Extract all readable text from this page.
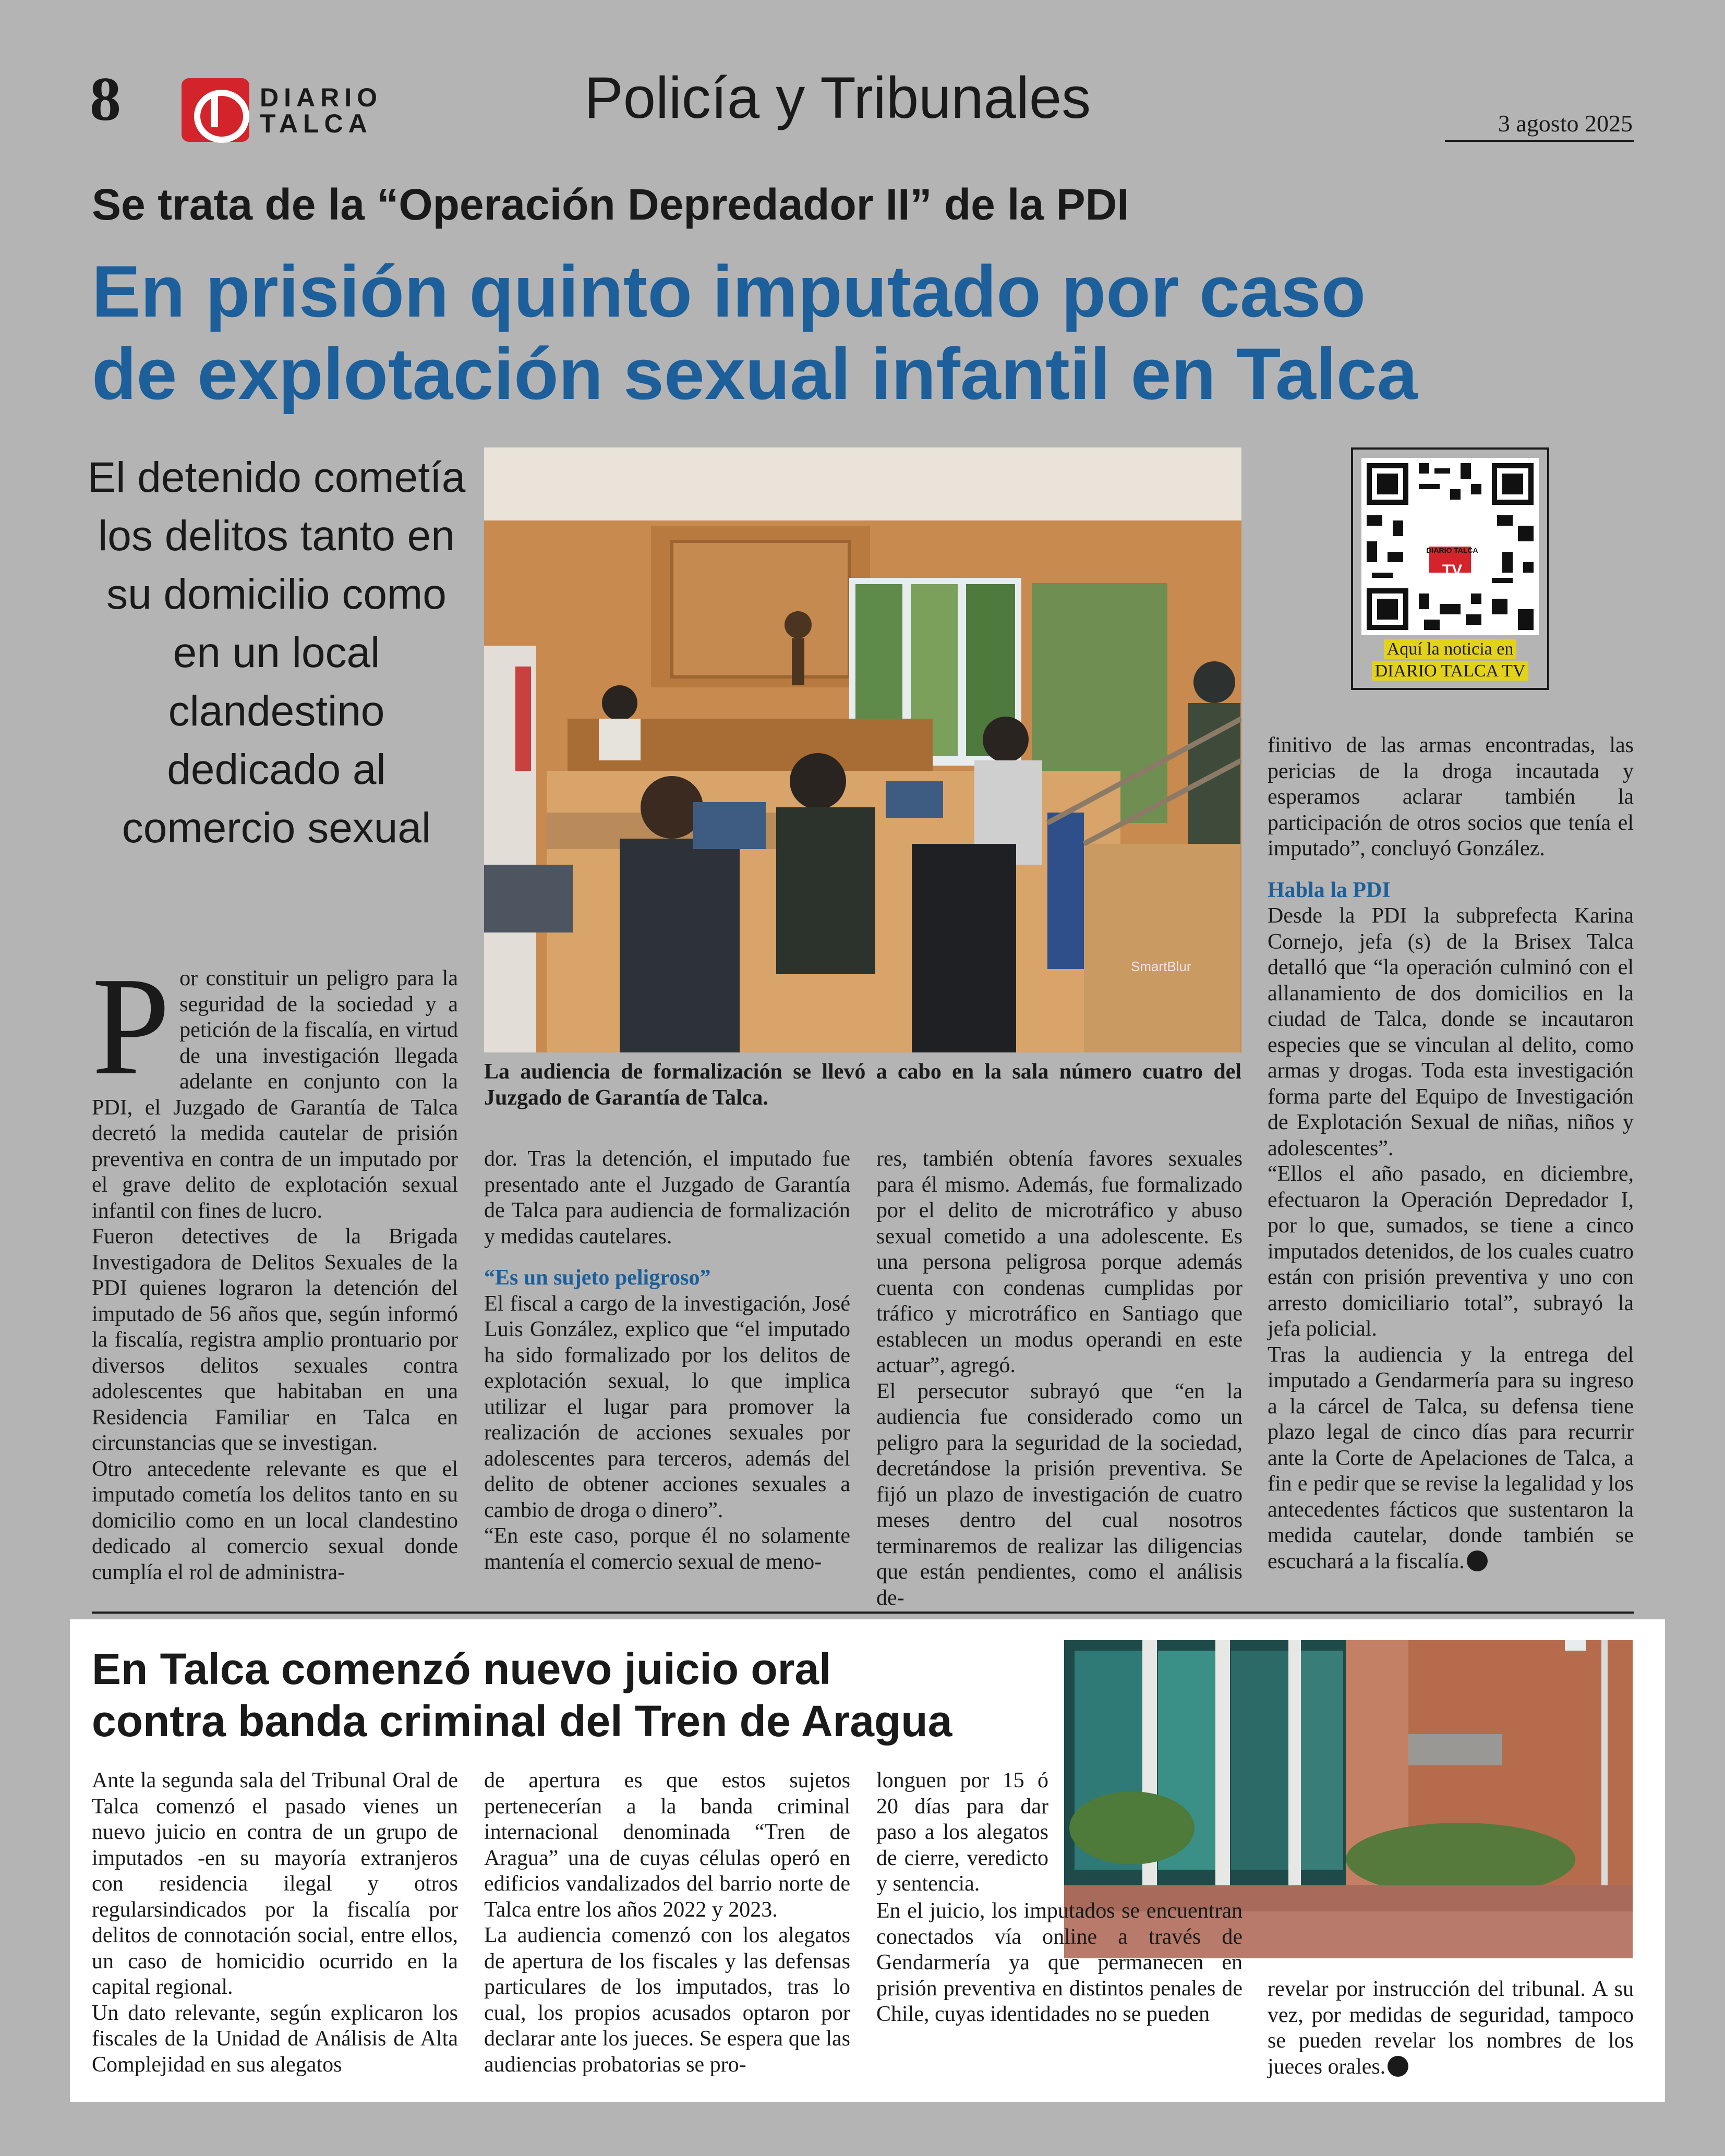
8	DIARIO
TALCA	Policía y Tribunales	3 agosto 2025
Se trata de la “Operación Depredador II” de la PDI
En prisión quinto imputado por caso
de explotación sexual infantil en Talca
El detenido cometía los delitos tanto en su domicilio como en un local clandestino dedicado al comercio sexual
SmartBlur
La audiencia de formalización se llevó a cabo en la sala número cuatro del Juzgado de Garantía de Talca.
DIARIO TALCA
TV
Aquí la noticia en
DIARIO TALCA TV
P or constituir un peligro para la seguridad de la sociedad y a petición de la fiscalía, en virtud de una investigación llegada adelante en conjunto con la PDI, el Juzgado de Garantía de Talca decretó la medida cautelar de prisión preventiva en contra de un imputado por el grave delito de explotación sexual infantil con fines de lucro.

Fueron detectives de la Brigada Investigadora de Delitos Sexuales de la PDI quienes lograron la detención del imputado de 56 años que, según informó la fiscalía, registra amplio prontuario por diversos delitos sexuales contra adolescentes que habitaban en una Residencia Familiar en Talca en circunstancias que se investigan.

Otro antecedente relevante es que el imputado cometía los delitos tanto en su domicilio como en un local clandestino dedicado al comercio sexual donde cumplía el rol de administra-

dor. Tras la detención, el imputado fue presentado ante el Juzgado de Garantía de Talca para audiencia de formalización y medidas cautelares.

“Es un sujeto peligroso”

El fiscal a cargo de la investigación, José Luis González, explico que “el imputado ha sido formalizado por los delitos de explotación sexual, lo que implica utilizar el lugar para promover la realización de acciones sexuales por adolescentes para terceros, además del delito de obtener acciones sexuales a cambio de droga o dinero”.

“En este caso, porque él no solamente mantenía el comercio sexual de meno-

res, también obtenía favores sexuales para él mismo. Además, fue formalizado por el delito de microtráfico y abuso sexual cometido a una adolescente. Es una persona peligrosa porque además cuenta con condenas cumplidas por tráfico y microtráfico en Santiago que establecen un modus operandi en este actuar”, agregó.

El persecutor subrayó que “en la audiencia fue considerado como un peligro para la seguridad de la sociedad, decretándose la prisión preventiva. Se fijó un plazo de investigación de cuatro meses dentro del cual nosotros terminaremos de realizar las diligencias que están pendientes, como el análisis de-

finitivo de las armas encontradas, las pericias de la droga incautada y esperamos aclarar también la participación de otros socios que tenía el imputado”, concluyó González.

Habla la PDI

Desde la PDI la subprefecta Karina Cornejo, jefa (s) de la Brisex Talca detalló que “la operación culminó con el allanamiento de dos domicilios en la ciudad de Talca, donde se incautaron especies que se vinculan al delito, como armas y drogas. Toda esta investigación forma parte del Equipo de Investigación de Explotación Sexual de niñas, niños y adolescentes”.

“Ellos el año pasado, en diciembre, efectuaron la Operación Depredador I, por lo que, sumados, se tiene a cinco imputados detenidos, de los cuales cuatro están con prisión preventiva y uno con arresto domiciliario total”, subrayó la jefa policial.

Tras la audiencia y la entrega del imputado a Gendarmería para su ingreso a la cárcel de Talca, su defensa tiene plazo legal de cinco días para recurrir ante la Corte de Apelaciones de Talca, a fin e pedir que se revise la legalidad y los antecedentes fácticos que sustentaron la medida cautelar, donde también se escuchará a la fiscalía.

En Talca comenzó nuevo juicio oral
contra banda criminal del Tren de Aragua

Ante la segunda sala del Tribunal Oral de Talca comenzó el pasado vienes un nuevo juicio en contra de un grupo de imputados -en su mayoría extranjeros con residencia ilegal y otros regularsindicados por la fiscalía por delitos de connotación social, entre ellos, un caso de homicidio ocurrido en la capital regional.

Un dato relevante, según explicaron los fiscales de la Unidad de Análisis de Alta Complejidad en sus alegatos

de apertura es que estos sujetos pertenecerían a la banda criminal internacional denominada “Tren de Aragua” una de cuyas células operó en edificios vandalizados del barrio norte de Talca entre los años 2022 y 2023.

La audiencia comenzó con los alegatos de apertura de los fiscales y las defensas particulares de los imputados, tras lo cual, los propios acusados optaron por declarar ante los jueces. Se espera que las audiencias probatorias se pro-

longuen por 15 ó 20 días para dar paso a los alegatos de cierre, veredicto y sentencia.

En el juicio, los imputados se encuentran conectados vía online a través de Gendarmería ya que permanecen en prisión preventiva en distintos penales de Chile, cuyas identidades no se pueden

revelar por instrucción del tribunal. A su vez, por medidas de seguridad, tampoco se pueden revelar los nombres de los jueces orales.
